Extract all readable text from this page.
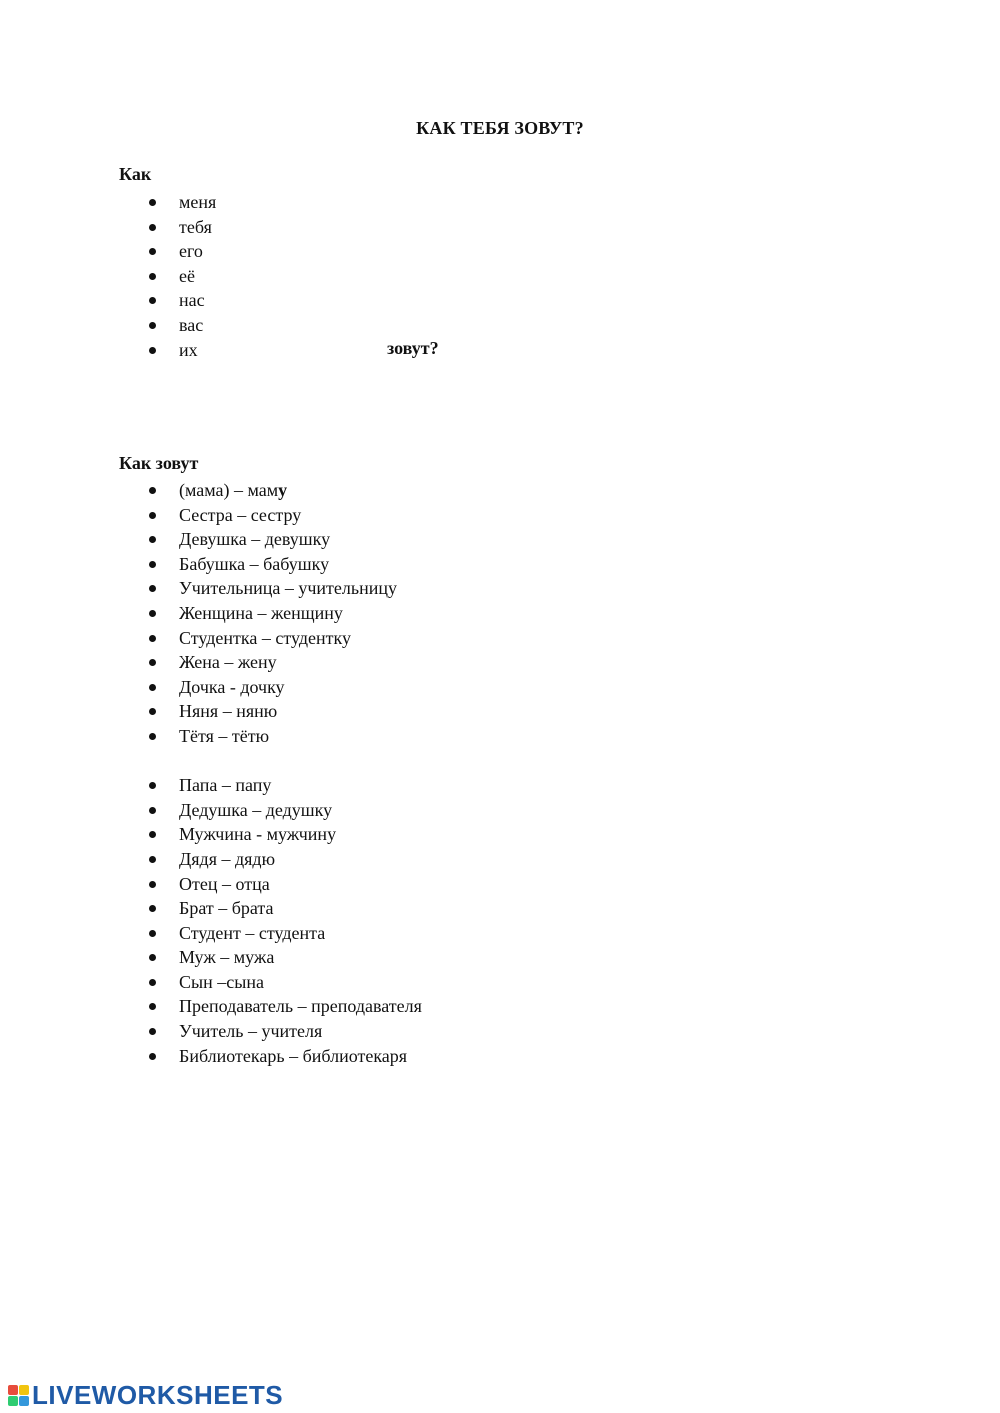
КАК ТЕБЯ ЗОВУТ?
Как
меня
тебя
его
её
нас
вас
их	зовут?
Как зовут
(мама) – маму
Сестра – сестру
Девушка – девушку
Бабушка – бабушку
Учительница – учительницу
Женщина – женщину
Студентка – студентку
Жена – жену
Дочка - дочку
Няня – няню
Тётя – тётю
Папа – папу
Дедушка – дедушку
Мужчина - мужчину
Дядя – дядю
Отец – отца
Брат – брата
Студент – студента
Муж – мужа
Сын –сына
Преподаватель – преподавателя
Учитель – учителя
Библиотекарь – библиотекаря
LIVEWORKSHEETS
